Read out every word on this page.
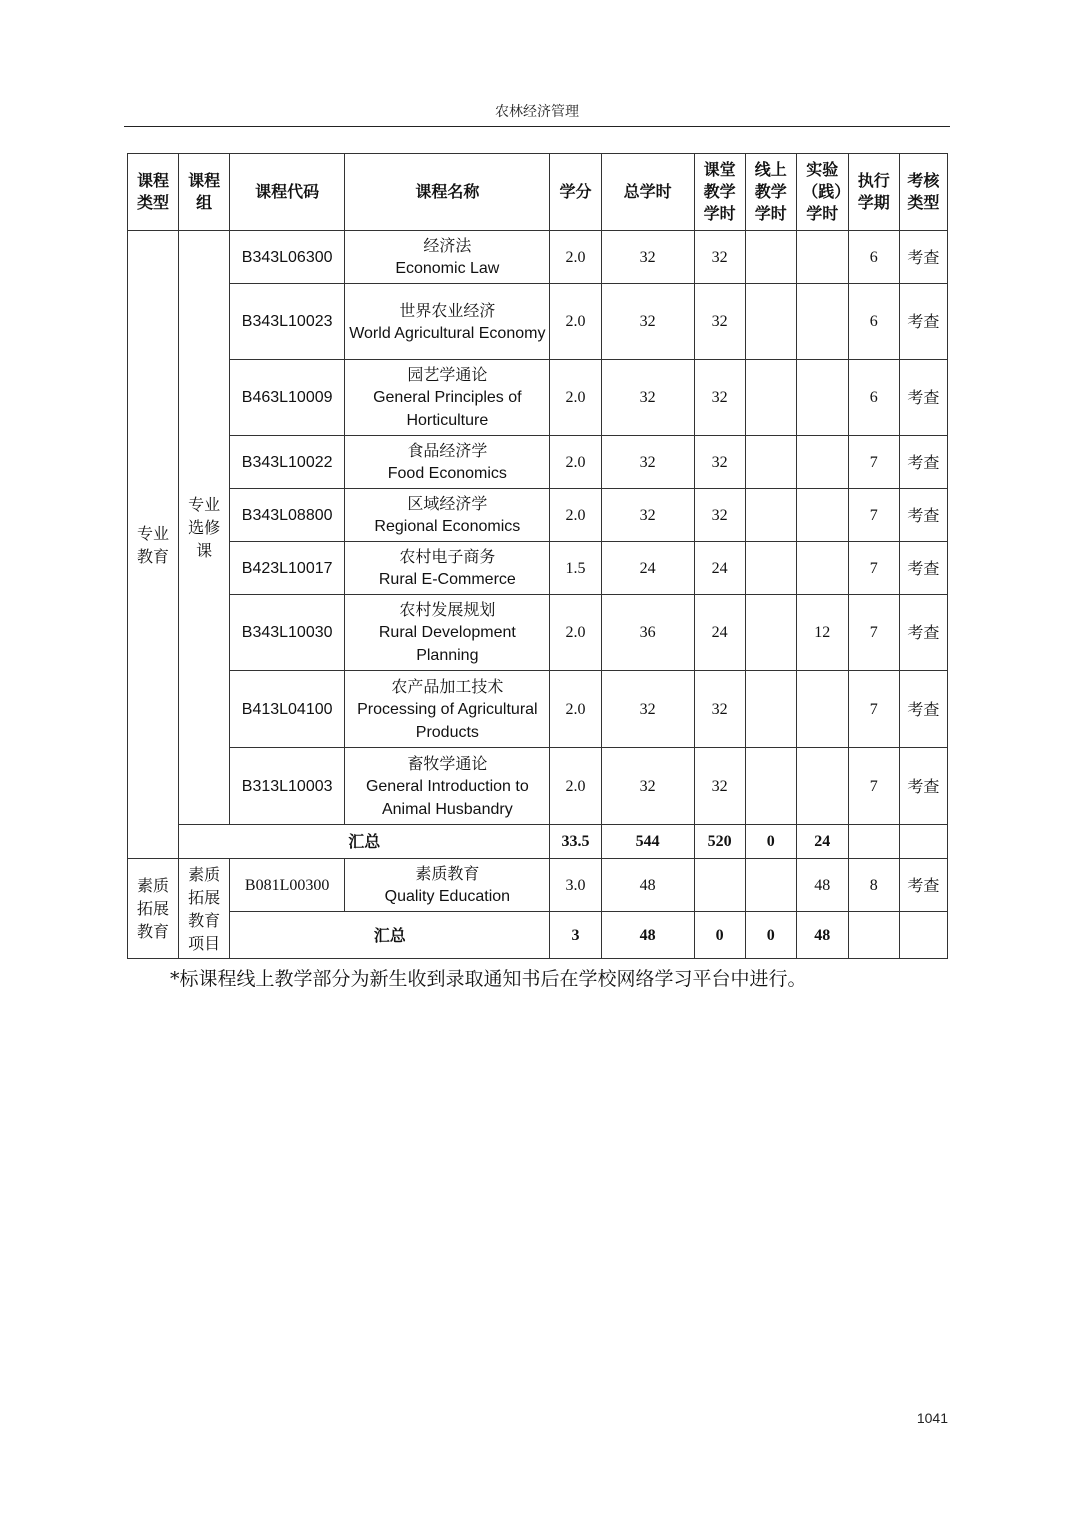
农林经济管理
课程类型	课程组	课程代码	课程名称	学分	总学时	课堂教学学时	线上教学学时	实验（践）学时	执行学期	考核类型
专业教育	专业选修课	B343L06300	经济法
Economic Law	2.0	32	32			6	考查
		B343L10023	世界农业经济
World Agricultural Economy	2.0	32	32			6	考查
		B463L10009	园艺学通论
General Principles of Horticulture	2.0	32	32			6	考查
		B343L10022	食品经济学
Food Economics	2.0	32	32			7	考查
		B343L08800	区域经济学
Regional Economics	2.0	32	32			7	考查
		B423L10017	农村电子商务
Rural E-Commerce	1.5	24	24			7	考查
		B343L10030	农村发展规划
Rural Development Planning	2.0	36	24		12	7	考查
		B413L04100	农产品加工技术
Processing of Agricultural Products	2.0	32	32			7	考查
		B313L10003	畜牧学通论
General Introduction to Animal Husbandry	2.0	32	32			7	考查
	汇总			33.5	544	520	0	24		
素质拓展教育	素质拓展教育项目	B081L00300	素质教育
Quality Education	3.0	48			48	8	考查
		汇总		3	48	0	0	48		
*标课程线上教学部分为新生收到录取通知书后在学校网络学习平台中进行。
1041
